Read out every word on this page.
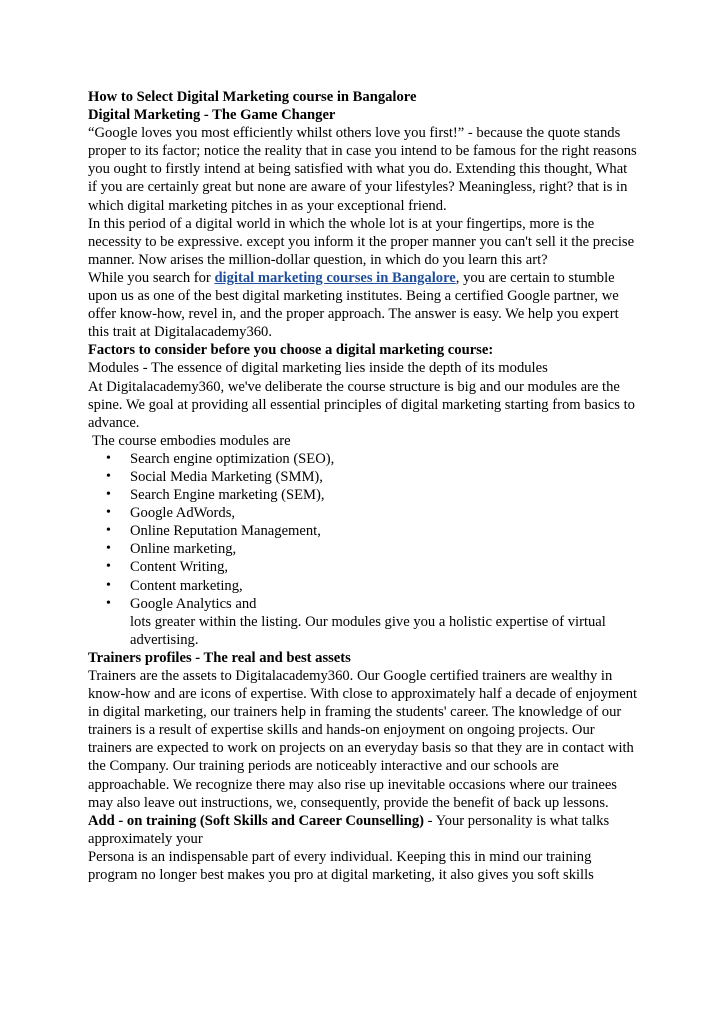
How to Select Digital Marketing course in Bangalore

Digital Marketing - The Game Changer

“Google loves you most efficiently whilst others love you first!” - because the quote stands proper to its factor; notice the reality that in case you intend to be famous for the right reasons you ought to firstly intend at being satisfied with what you do. Extending this thought, What if you are certainly great but none are aware of your lifestyles? Meaningless, right? that is in which digital marketing pitches in as your exceptional friend.

In this period of a digital world in which the whole lot is at your fingertips, more is the necessity to be expressive. except you inform it the proper manner you can't sell it the precise manner. Now arises the million-dollar question, in which do you learn this art?

While you search for digital marketing courses in Bangalore, you are certain to stumble upon us as one of the best digital marketing institutes. Being a certified Google partner, we offer know-how, revel in, and the proper approach. The answer is easy. We help you expert this trait at Digitalacademy360.

Factors to consider before you choose a digital marketing course:

Modules - The essence of digital marketing lies inside the depth of its modules

At Digitalacademy360, we've deliberate the course structure is big and our modules are the spine. We goal at providing all essential principles of digital marketing starting from basics to advance.

The course embodies modules are

• Search engine optimization (SEO),
• Social Media Marketing (SMM),
• Search Engine marketing (SEM),
• Google AdWords,
• Online Reputation Management,
• Online marketing,
• Content Writing,
• Content marketing,
• Google Analytics and

lots greater within the listing. Our modules give you a holistic expertise of virtual advertising.

Trainers profiles - The real and best assets

Trainers are the assets to Digitalacademy360. Our Google certified trainers are wealthy in know-how and are icons of expertise. With close to approximately half a decade of enjoyment in digital marketing, our trainers help in framing the students' career. The knowledge of our trainers is a result of expertise skills and hands-on enjoyment on ongoing projects. Our trainers are expected to work on projects on an everyday basis so that they are in contact with the Company. Our training periods are noticeably interactive and our schools are approachable. We recognize there may also rise up inevitable occasions where our trainees may also leave out instructions, we, consequently, provide the benefit of back up lessons.

Add - on training (Soft Skills and Career Counselling) - Your personality is what talks approximately your

Persona is an indispensable part of every individual. Keeping this in mind our training program no longer best makes you pro at digital marketing, it also gives you soft skills
